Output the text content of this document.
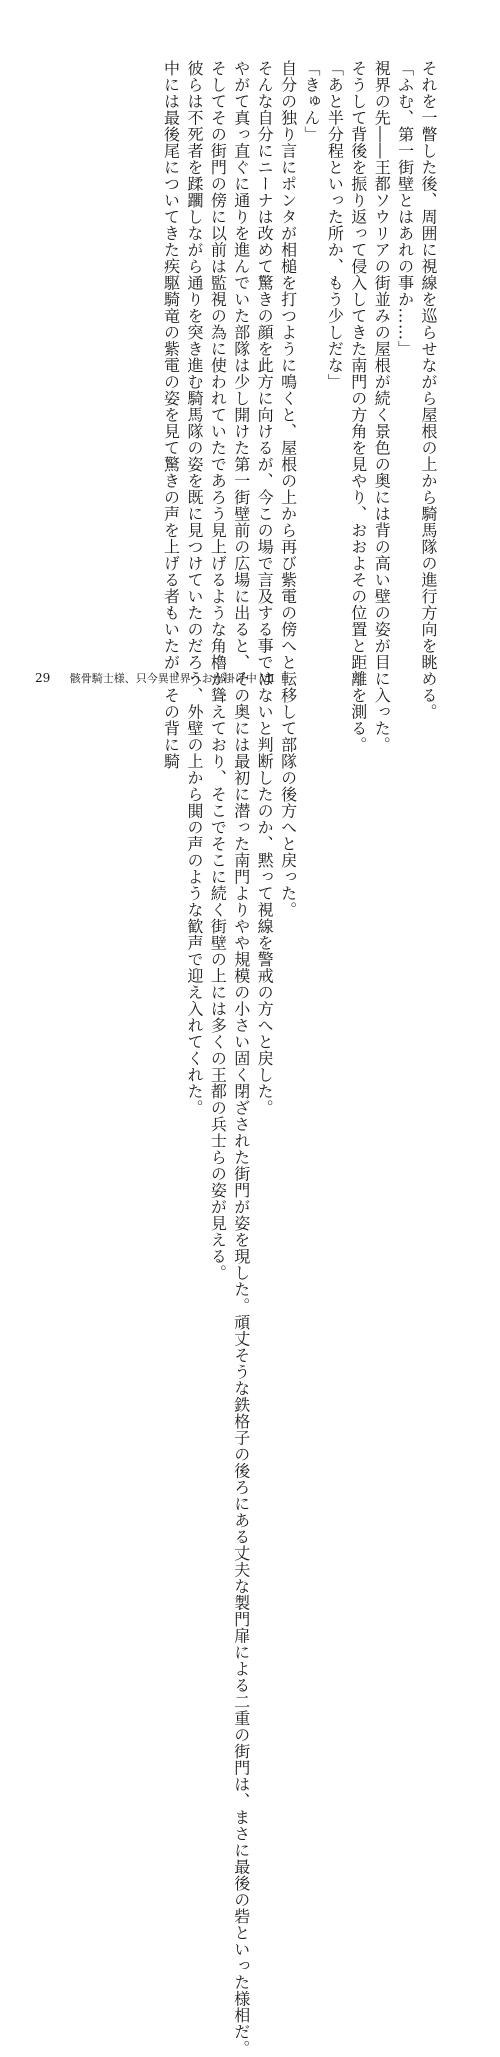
それを一瞥した後、周囲に視線を巡らせながら屋根の上から騎馬隊の進行方向を眺める。
「ふむ、第一街壁とはあれの事か……」
視界の先――王都ソウリアの街並みの屋根が続く景色の奥には背の高い壁の姿が目に入った。
そうして背後を振り返って侵入してきた南門の方角を見やり、おおよその位置と距離を測る。
「あと半分程といった所か、もう少しだな」
「きゅん」
自分の独り言にポンタが相槌を打つように鳴くと、屋根の上から再び紫電の傍へと転移して部隊の後方へと戻った。
そんな自分にニーナは改めて驚きの顔を此方に向けるが、今この場で言及する事ではないと判断したのか、黙って視線を警戒の方へと戻した。
やがて真っ直ぐに通りを進んでいた部隊は少し開けた第一街壁前の広場に出ると、その奥には最初に潜った南門よりやや規模の小さい固く閉ざされた街門が姿を現した。頑丈そうな鉄格子の後ろにある丈夫な製門扉による二重の街門は、まさに最後の砦といった様相だ。
そしてその街門の傍に以前は監視の為に使われていたであろう見上げるような角櫓が聳えており、そこでそこに続く街壁の上には多くの王都の兵士らの姿が見える。
彼らは不死者を蹂躙しながら通りを突き進む騎馬隊の姿を既に見つけていたのだろう、外壁の上から閧の声のような歓声で迎え入れてくれた。
中には最後尾についてきた疾駆騎竜の紫電の姿を見て驚きの声を上げる者もいたが、その背に騎
29 骸骨騎士様、只今異世界へお出掛け中 Ⅶ
